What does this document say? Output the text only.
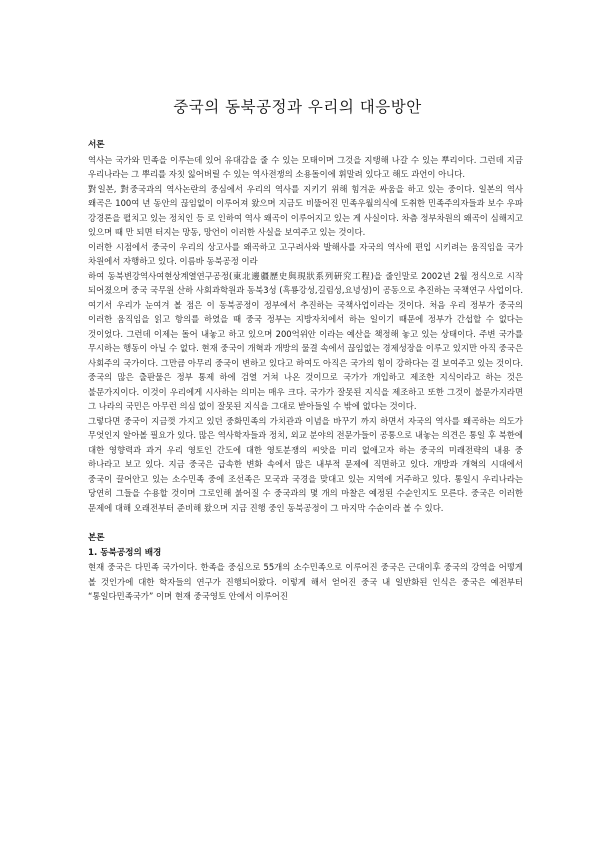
중국의 동북공정과 우리의 대응방안

서론

역사는 국가와 민족을 이루는데 있어 유대감을 줄 수 있는 모태이며 그것을 지탱해 나갈 수 있는 뿌리이다. 그런데 지금 우리나라는 그 뿌리를 자칫 잃어버릴 수 있는 역사전쟁의 소용돌이에 휘말려 있다고 해도 과언이 아니다.

對일본, 對중국과의 역사논란의 중심에서 우리의 역사를 지키기 위해 힘겨운 싸움을 하고 있는 중이다. 일본의 역사 왜곡은 100여 년 동안의 끊임없이 이루어져 왔으며 지금도 비뚤어진 민족우월의식에 도취한 민족주의자들과 보수 우파 강경론을 펼치고 있는 정치인 등 로 인하여 역사 왜곡이 이루어지고 있는 게 사실이다. 차츰 정부차원의 왜곡이 심해지고 있으며 때 만 되면 터지는 망동, 망언이 이러한 사실을 보여주고 있는 것이다.

이러한 시점에서 중국이 우리의 상고사를 왜곡하고 고구려사와 발해사를 자국의 역사에 편입 시키려는 움직임을 국가 차원에서 자행하고 있다. 이름바 동북공정 이라

하여 동북변강역사여현상계열연구공정(東北邊疆歷史與現狀系列硏究工程)을 줄인말로 2002년 2월 정식으로 시작 되어졌으며 중국 국무원 산하 사회과학원과 동북3성 (흑룡강성,길림성,요녕성)이 공동으로 추진하는 국책연구 사업이다. 여기서 우리가 눈여겨 볼 점은 이 동북공정이 정부에서 추진하는 국책사업이라는 것이다. 처음 우리 정부가 중국의 이러한 움직임을 읽고 항의를 하였을 때 중국 정부는 지방자치에서 하는 일이기 때문에 정부가 간섭할 수 없다는 것이었다. 그런데 이제는 돌어 내놓고 하고 있으며 200억위안 이라는 예산을 책정해 놓고 있는 상태이다. 주변 국가를 무시하는 행동이 아닐 수 없다. 현재 중국이 개혁과 개방의 물결 속에서 끊임없는 경제성장을 이루고 있지만 아직 중국은 사회주의 국가이다. 그만큼 아무리 중국이 변하고 있다고 하여도 아직은 국가의 힘이 강하다는 걸 보여주고 있는 것이다. 중국의 많은 출판물은 정부 통제 하에 검열 거쳐 나온 것이므로 국가가 개입하고 제조한 지식이라고 하는 것은 불문가지이다. 이것이 우리에게 시사하는 의미는 매우 크다. 국가가 잘못된 지식을 제조하고 또한 그것이 불문가지라면 그 나라의 국민은 아무런 의심 없이 잘못된 지식을 그대로 받아들일 수 밖에 없다는 것이다.

그렇다면 중국이 지금껏 가지고 있던 중화민족의 가치관과 이념을 바꾸기 까지 하면서 자국의 역사를 왜곡하는 의도가 무엇인지 알아볼 필요가 있다. 많은 역사학자들과 정치, 외교 분야의 전문가들이 공통으로 내놓는 의견은 통일 후 북한에 대한 영향력과 과거 우리 영토인 간도에 대한 영토분쟁의 씨앗을 미리 없애고자 하는 중국의 미래전략의 내용 중 하나라고 보고 있다. 지금 중국은 급속한 변화 속에서 많은 내부적 문제에 직면하고 있다. 개방과 개혁의 시대에서 중국이 끌어안고 있는 소수민족 중에 조선족은 모국과 국경을 맞대고 있는 지역에 거주하고 있다. 통일시 우리나라는 당연히 그들을 수용할 것이며 그로인해 붉어질 수 중국과의 몇 개의 마찰은 예정된 수순인지도 모른다. 중국은 이러한 문제에 대해 오래전부터 준비해 왔으며 지금 진행 중인 동북공정이 그 마지막 수순이라 볼 수 있다.

본론

1. 동북공정의 배경

현재 중국은 다민족 국가이다. 한족을 중심으로 55개의 소수민족으로 이루어진 중국은 근대이후 중국의 강역을 어떻게 볼 것인가에 대한 학자들의 연구가 진행되어왔다. 이렇게 해서 얻어진 중국 내 일반화된 인식은 중국은 예전부터 “통일다민족국가” 이며 현재 중국영토 안에서 이루어진
